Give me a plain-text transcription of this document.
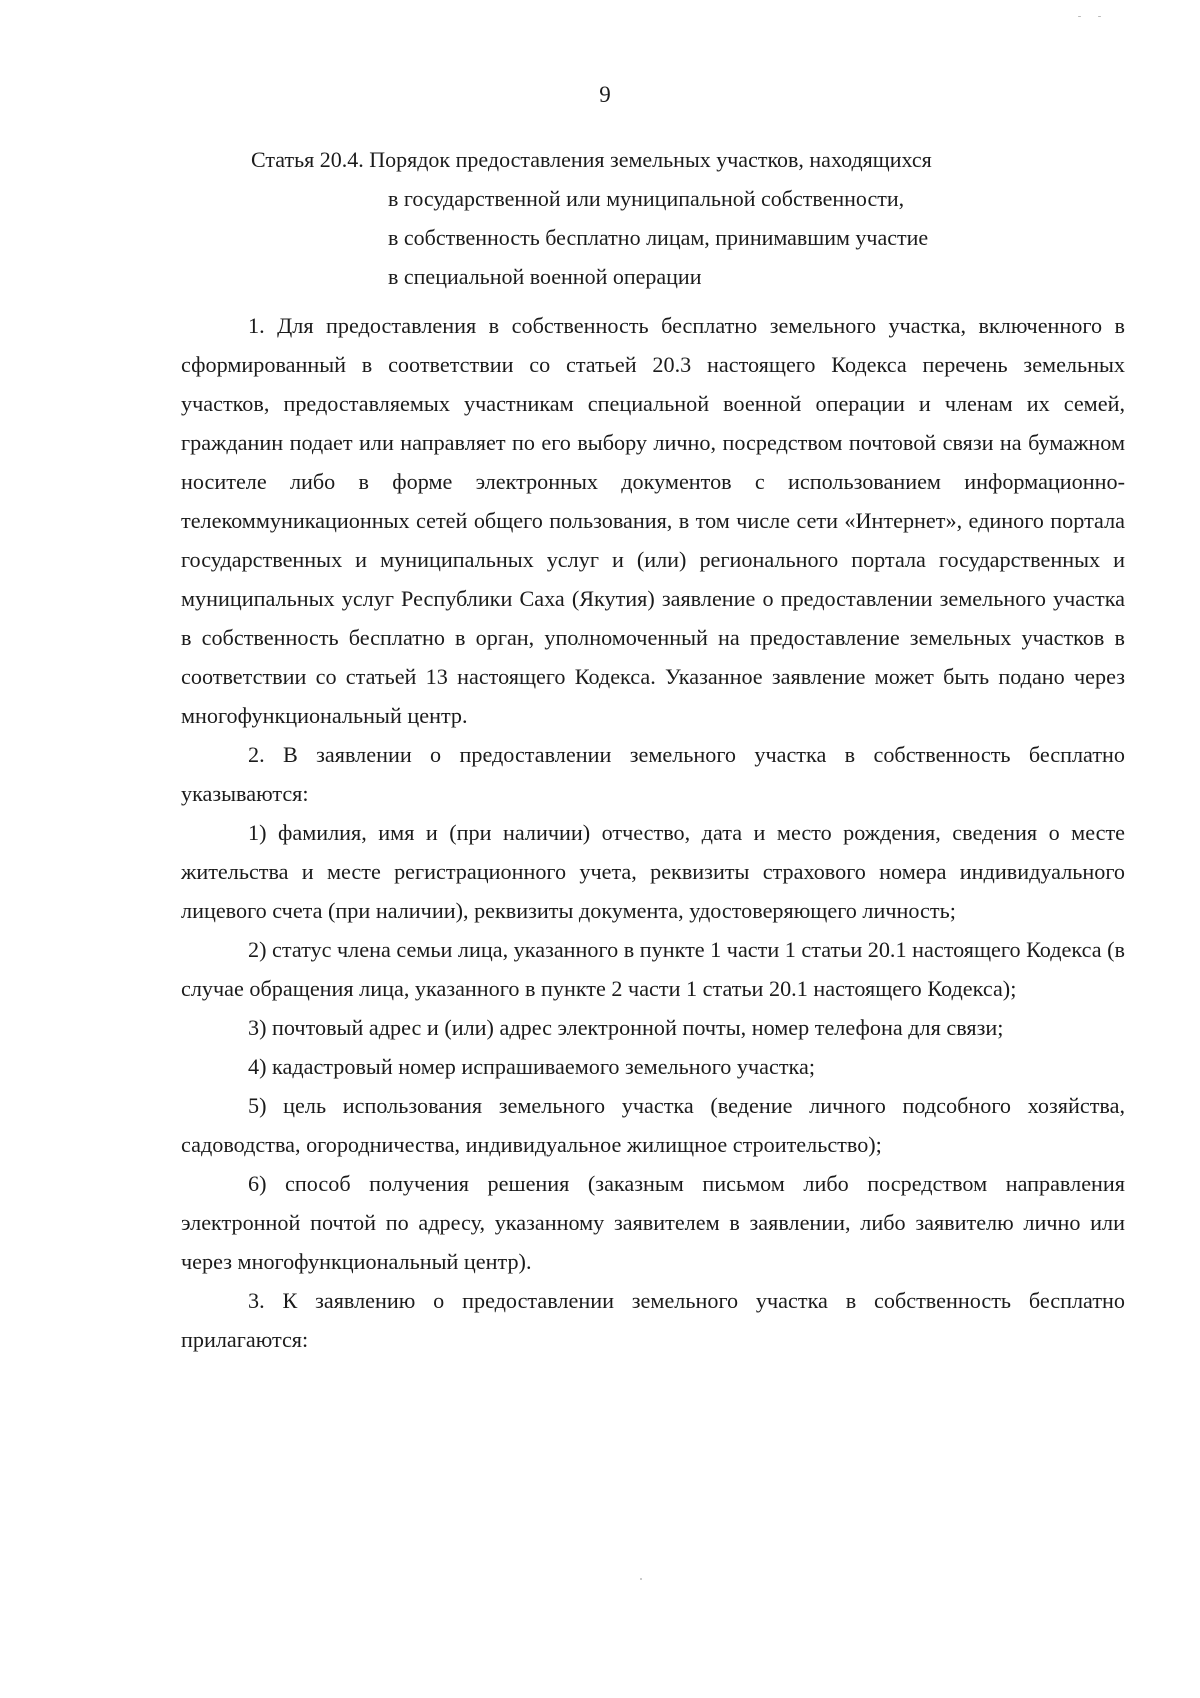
9
Статья 20.4. Порядок предоставления земельных участков, находящихся
в государственной или муниципальной собственности,
в собственность бесплатно лицам, принимавшим участие
в специальной военной операции

1. Для предоставления в собственность бесплатно земельного участка, включенного в сформированный в соответствии со статьей 20.3 настоящего Кодекса перечень земельных участков, предоставляемых участникам специальной военной операции и членам их семей, гражданин подает или направляет по его выбору лично, посредством почтовой связи на бумажном носителе либо в форме электронных документов с использованием информационно-телекоммуникационных сетей общего пользования, в том числе сети «Интернет», единого портала государственных и муниципальных услуг и (или) регионального портала государственных и муниципальных услуг Республики Саха (Якутия) заявление о предоставлении земельного участка в собственность бесплатно в орган, уполномоченный на предоставление земельных участков в соответствии со статьей 13 настоящего Кодекса. Указанное заявление может быть подано через многофункциональный центр.

2. В заявлении о предоставлении земельного участка в собственность бесплатно указываются:

1) фамилия, имя и (при наличии) отчество, дата и место рождения, сведения о месте жительства и месте регистрационного учета, реквизиты страхового номера индивидуального лицевого счета (при наличии), реквизиты документа, удостоверяющего личность;

2) статус члена семьи лица, указанного в пункте 1 части 1 статьи 20.1 настоящего Кодекса (в случае обращения лица, указанного в пункте 2 части 1 статьи 20.1 настоящего Кодекса);

3) почтовый адрес и (или) адрес электронной почты, номер телефона для связи;

4) кадастровый номер испрашиваемого земельного участка;

5) цель использования земельного участка (ведение личного подсобного хозяйства, садоводства, огородничества, индивидуальное жилищное строительство);

6) способ получения решения (заказным письмом либо посредством направления электронной почтой по адресу, указанному заявителем в заявлении, либо заявителю лично или через многофункциональный центр).

3. К заявлению о предоставлении земельного участка в собственность бесплатно прилагаются:
